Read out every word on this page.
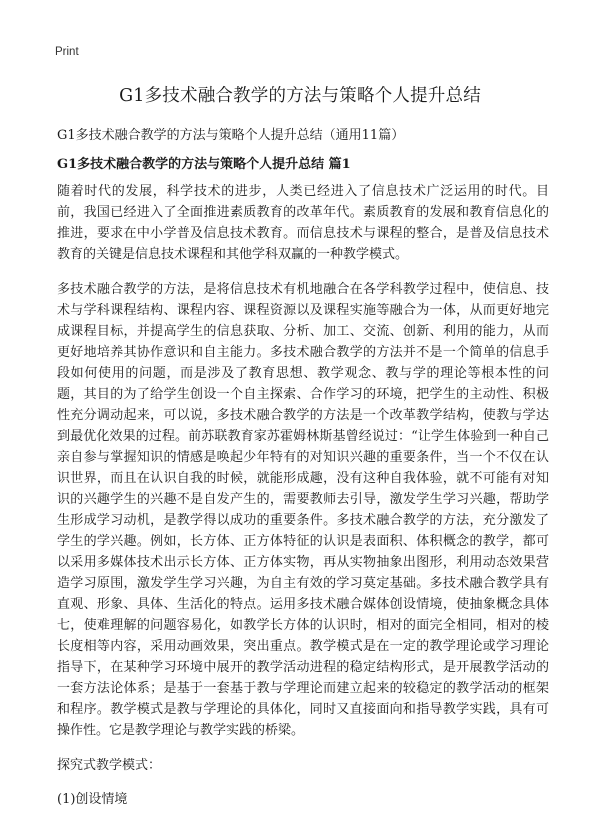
Print
G1多技术融合教学的方法与策略个人提升总结

G1多技术融合教学的方法与策略个人提升总结（通用11篇）

G1多技术融合教学的方法与策略个人提升总结 篇1

随着时代的发展，科学技术的进步，人类已经进入了信息技术广泛运用的时代。目前，我国已经进入了全面推进素质教育的改革年代。素质教育的发展和教育信息化的推进，要求在中小学普及信息技术教育。而信息技术与课程的整合，是普及信息技术教育的关键是信息技术课程和其他学科双赢的一种教学模式。

多技术融合教学的方法，是将信息技术有机地融合在各学科教学过程中，使信息、技术与学科课程结构、课程内容、课程资源以及课程实施等融合为一体，从而更好地完成课程目标，并提高学生的信息获取、分析、加工、交流、创新、利用的能力，从而更好地培养其协作意识和自主能力。多技术融合教学的方法并不是一个简单的信息手段如何使用的问题，而是涉及了教育思想、教学观念、教与学的理论等根本性的问题，其目的为了给学生创设一个自主探索、合作学习的环境，把学生的主动性、积极性充分调动起来，可以说，多技术融合教学的方法是一个改革教学结构，使教与学达到最优化效果的过程。前苏联教育家苏霍姆林斯基曾经说过：“让学生体验到一种自己亲自参与掌握知识的情感是唤起少年特有的对知识兴趣的重要条件，当一个不仅在认识世界，而且在认识自我的时候，就能形成趣，没有这种自我体验，就不可能有对知识的兴趣学生的兴趣不是自发产生的，需要教师去引导，激发学生学习兴趣，帮助学生形成学习动机，是教学得以成功的重要条件。多技术融合教学的方法，充分激发了学生的学兴趣。例如，长方体、正方体特征的认识是表面积、体积概念的教学，都可以采用多媒体技术出示长方体、正方体实物，再从实物抽象出图形，利用动态效果营造学习原围，激发学生学习兴趣，为自主有效的学习莫定基础。多技术融合教学具有直观、形象、具体、生活化的特点。运用多技术融合媒体创设情境，使抽象概念具体七，使难理解的问题容易化，如教学长方体的认识时，相对的面完全相同，相对的棱长度相等内容，采用动画效果，突出重点。教学模式是在一定的教学理论或学习理论指导下，在某种学习环境中展开的教学活动进程的稳定结构形式，是开展教学活动的一套方法论体系；是基于一套基于教与学理论而建立起来的较稳定的教学活动的框架和程序。教学模式是教与学理论的具体化，同时又直接面向和指导教学实践，具有可操作性。它是教学理论与教学实践的桥梁。

探究式教学模式：

(1)创设情境
